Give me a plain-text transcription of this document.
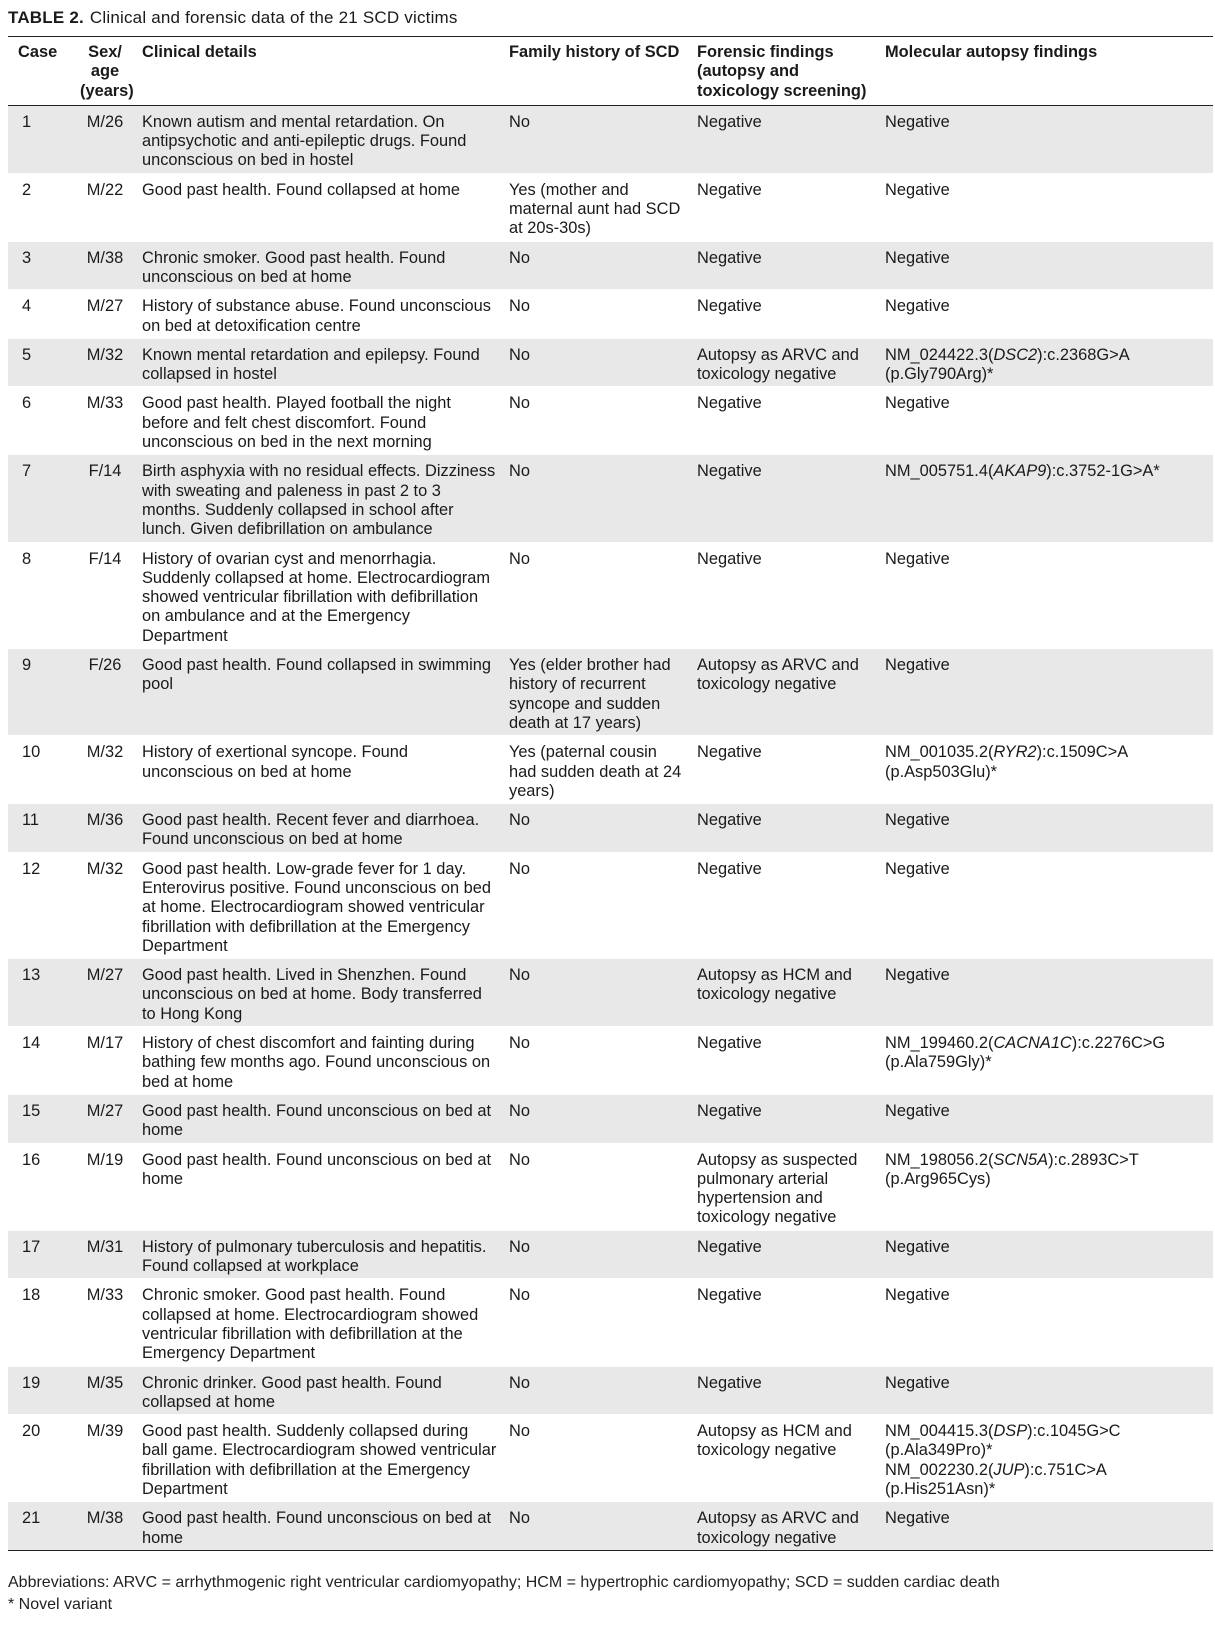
TABLE 2. Clinical and forensic data of the 21 SCD victims
Case	Sex/ age (years)	Clinical details	Family history of SCD	Forensic findings (autopsy and toxicology screening)	Molecular autopsy findings
1	M/26	Known autism and mental retardation. On antipsychotic and anti-epileptic drugs. Found unconscious on bed in hostel	No	Negative	Negative
2	M/22	Good past health. Found collapsed at home	Yes (mother and maternal aunt had SCD at 20s-30s)	Negative	Negative
3	M/38	Chronic smoker. Good past health. Found unconscious on bed at home	No	Negative	Negative
4	M/27	History of substance abuse. Found unconscious on bed at detoxification centre	No	Negative	Negative
5	M/32	Known mental retardation and epilepsy. Found collapsed in hostel	No	Autopsy as ARVC and toxicology negative	NM_024422.3(DSC2):c.2368G>A (p.Gly790Arg)*
6	M/33	Good past health. Played football the night before and felt chest discomfort. Found unconscious on bed in the next morning	No	Negative	Negative
7	F/14	Birth asphyxia with no residual effects. Dizziness with sweating and paleness in past 2 to 3 months. Suddenly collapsed in school after lunch. Given defibrillation on ambulance	No	Negative	NM_005751.4(AKAP9):c.3752-1G>A*
8	F/14	History of ovarian cyst and menorrhagia. Suddenly collapsed at home. Electrocardiogram showed ventricular fibrillation with defibrillation on ambulance and at the Emergency Department	No	Negative	Negative
9	F/26	Good past health. Found collapsed in swimming pool	Yes (elder brother had history of recurrent syncope and sudden death at 17 years)	Autopsy as ARVC and toxicology negative	Negative
10	M/32	History of exertional syncope. Found unconscious on bed at home	Yes (paternal cousin had sudden death at 24 years)	Negative	NM_001035.2(RYR2):c.1509C>A (p.Asp503Glu)*
11	M/36	Good past health. Recent fever and diarrhoea. Found unconscious on bed at home	No	Negative	Negative
12	M/32	Good past health. Low-grade fever for 1 day. Enterovirus positive. Found unconscious on bed at home. Electrocardiogram showed ventricular fibrillation with defibrillation at the Emergency Department	No	Negative	Negative
13	M/27	Good past health. Lived in Shenzhen. Found unconscious on bed at home. Body transferred to Hong Kong	No	Autopsy as HCM and toxicology negative	Negative
14	M/17	History of chest discomfort and fainting during bathing few months ago. Found unconscious on bed at home	No	Negative	NM_199460.2(CACNA1C):c.2276C>G (p.Ala759Gly)*
15	M/27	Good past health. Found unconscious on bed at home	No	Negative	Negative
16	M/19	Good past health. Found unconscious on bed at home	No	Autopsy as suspected pulmonary arterial hypertension and toxicology negative	NM_198056.2(SCN5A):c.2893C>T (p.Arg965Cys)
17	M/31	History of pulmonary tuberculosis and hepatitis. Found collapsed at workplace	No	Negative	Negative
18	M/33	Chronic smoker. Good past health. Found collapsed at home. Electrocardiogram showed ventricular fibrillation with defibrillation at the Emergency Department	No	Negative	Negative
19	M/35	Chronic drinker. Good past health. Found collapsed at home	No	Negative	Negative
20	M/39	Good past health. Suddenly collapsed during ball game. Electrocardiogram showed ventricular fibrillation with defibrillation at the Emergency Department	No	Autopsy as HCM and toxicology negative	NM_004415.3(DSP):c.1045G>C (p.Ala349Pro)* NM_002230.2(JUP):c.751C>A (p.His251Asn)*
21	M/38	Good past health. Found unconscious on bed at home	No	Autopsy as ARVC and toxicology negative	Negative
Abbreviations: ARVC = arrhythmogenic right ventricular cardiomyopathy; HCM = hypertrophic cardiomyopathy; SCD = sudden cardiac death
* Novel variant
